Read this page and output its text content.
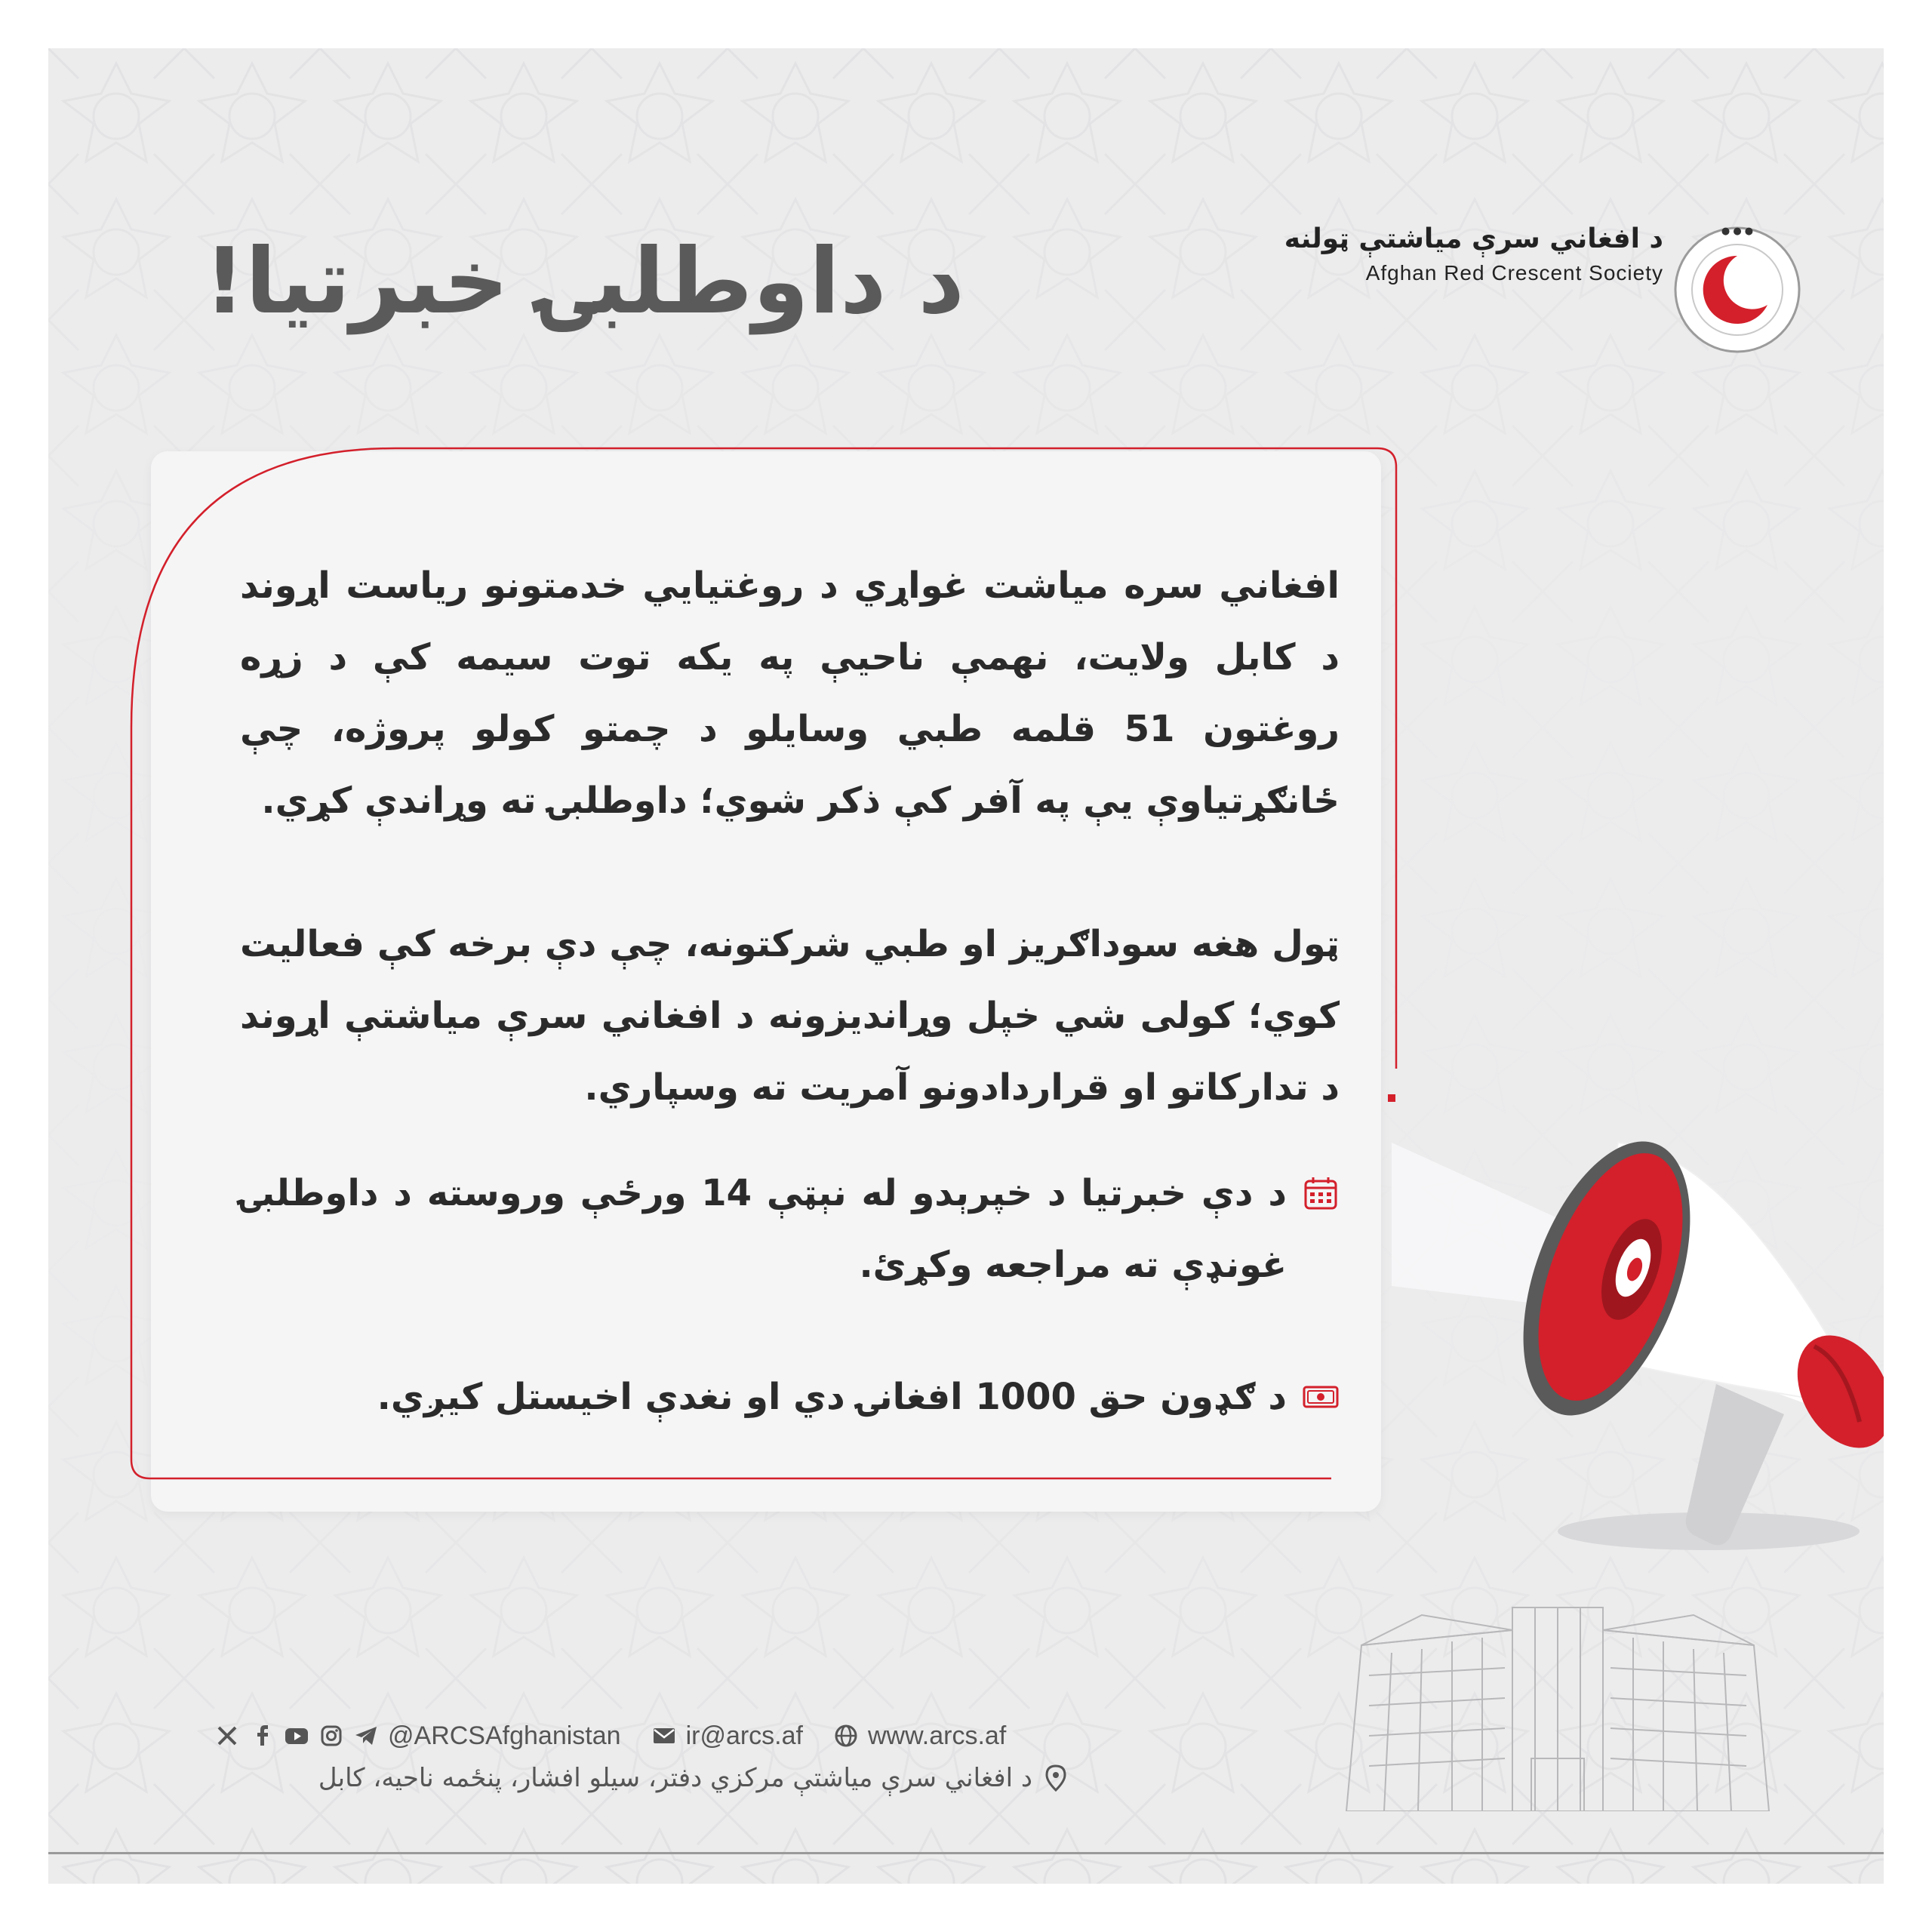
د داوطلبۍ خبرتیا!	د افغاني سرې میاشتې ټولنه
Afghan Red Crescent Society
● ● ●

افغاني سره میاشت غواړي د روغتیایي خدمتونو ریاست اړوند د کابل ولایت، نهمې ناحیې په یکه توت سیمه کې د زړه روغتون 51 قلمه طبي وسایلو د چمتو کولو پروژه، چې ځانګړتیاوې یې په آفر کې ذکر شوي؛ داوطلبۍ ته وړاندې کړي.

ټول هغه سوداګریز او طبي شرکتونه، چې دې برخه کې فعالیت کوي؛ کولی شي خپل وړاندیزونه د افغاني سرې میاشتې اړوند د تدارکاتو او قراردادونو آمریت ته وسپاري.

د دې خبرتیا د خپرېدو له نېټې 14 ورځې وروسته د داوطلبۍ غونډې ته مراجعه وکړئ.
د ګډون حق 1000 افغانۍ دي او نغدې اخیستل کیږي.
@ARCSAfghanistan	ir@arcs.af	www.arcs.af
د افغاني سرې میاشتې مرکزي دفتر، سیلو افشار، پنځمه ناحیه، کابل
